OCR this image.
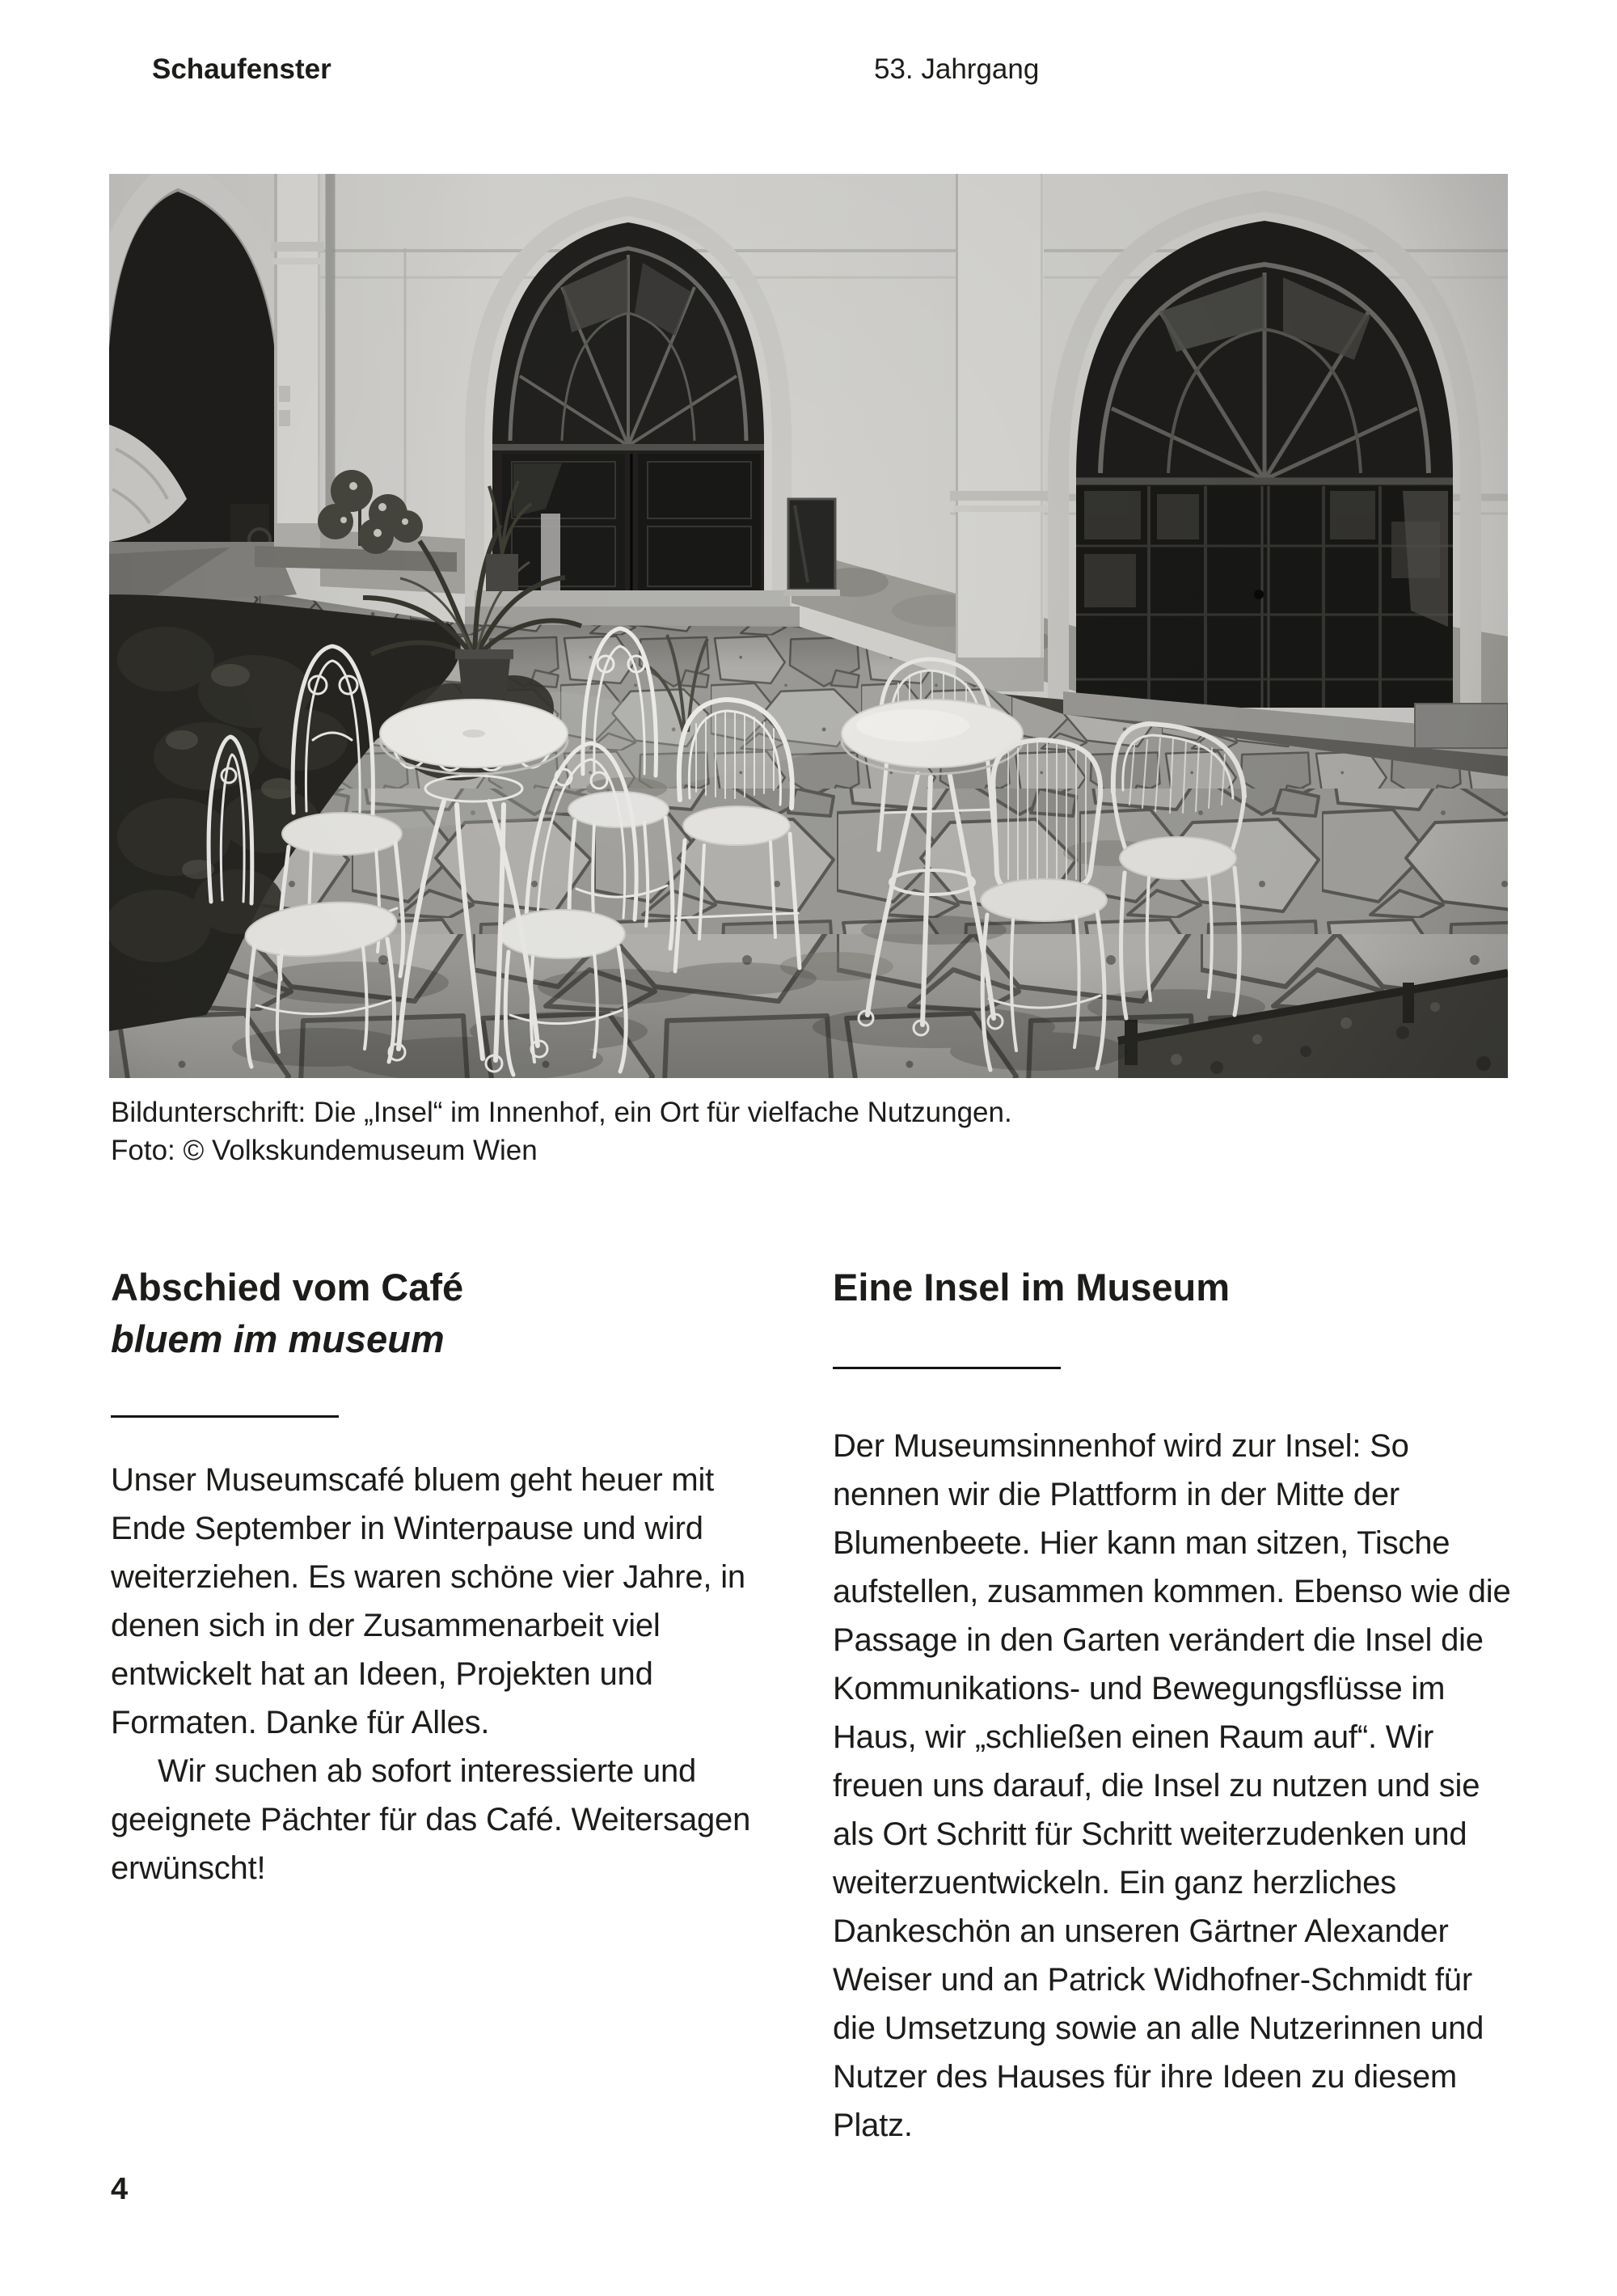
Schaufenster	53. Jahrgang

Bildunterschrift: Die „Insel“ im Innenhof, ein Ort für vielfache Nutzungen.

Foto: © Volkskundemuseum Wien

Abschied vom Café
bluem im museum
Eine Insel im Museum

Unser Museumscafé bluem geht heuer mit Ende September in Winterpause und wird weiterziehen. Es waren schöne vier Jahre, in denen sich in der Zusammenarbeit viel entwickelt hat an Ideen, Projekten und Formaten. Danke für Alles.

Wir suchen ab sofort interessierte und geeignete Pächter für das Café. Weitersagen erwünscht!

Der Museumsinnenhof wird zur Insel: So nennen wir die Plattform in der Mitte der Blumenbeete. Hier kann man sitzen, Tische aufstellen, zusammen kommen. Ebenso wie die Passage in den Garten verändert die Insel die Kommunikations- und Bewegungsflüsse im Haus, wir „schließen einen Raum auf“. Wir freuen uns darauf, die Insel zu nutzen und sie als Ort Schritt für Schritt weiterzudenken und weiterzuentwickeln. Ein ganz herzliches Dankeschön an unseren Gärtner Alexander Weiser und an Patrick Widhofner-Schmidt für die Umsetzung sowie an alle Nutzerinnen und Nutzer des Hauses für ihre Ideen zu diesem Platz.

4
